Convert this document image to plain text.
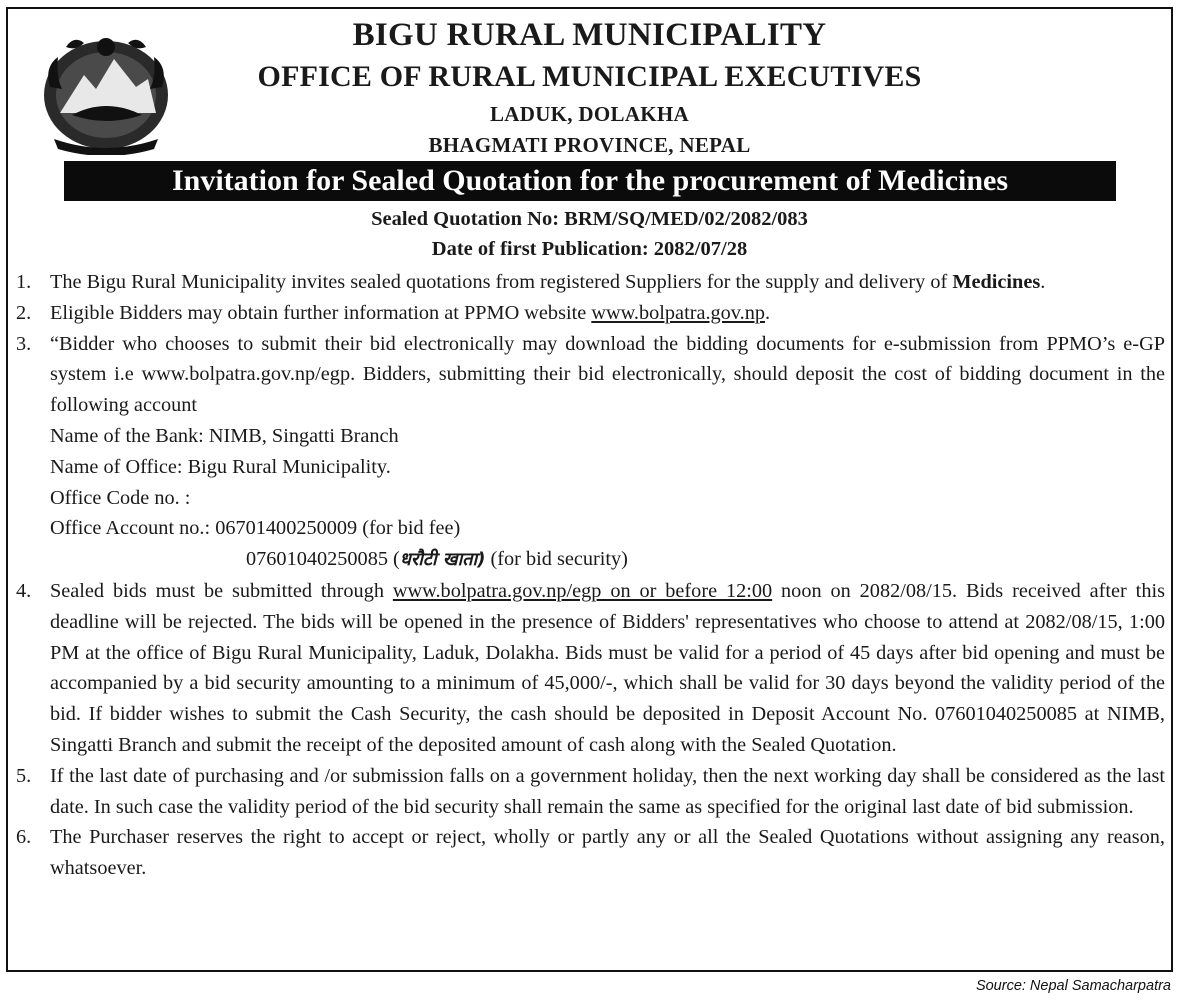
BIGU RURAL MUNICIPALITY
OFFICE OF RURAL MUNICIPAL EXECUTIVES
LADUK, DOLAKHA
BHAGMATI PROVINCE, NEPAL
Invitation for Sealed Quotation for the procurement of Medicines
Sealed Quotation No: BRM/SQ/MED/02/2082/083
Date of first Publication: 2082/07/28
1. The Bigu Rural Municipality invites sealed quotations from registered Suppliers for the supply and delivery of Medicines.
2. Eligible Bidders may obtain further information at PPMO website www.bolpatra.gov.np.
3. “Bidder who chooses to submit their bid electronically may download the bidding documents for e-submission from PPMO’s e-GP system i.e www.bolpatra.gov.np/egp. Bidders, submitting their bid electronically, should deposit the cost of bidding document in the following account
Name of the Bank: NIMB, Singatti Branch
Name of Office: Bigu Rural Municipality.
Office Code no. :
Office Account no.: 06701400250009 (for bid fee)
07601040250085 (धरौटी खाता) (for bid security)
4. Sealed bids must be submitted through www.bolpatra.gov.np/egp on or before 12:00 noon on 2082/08/15. Bids received after this deadline will be rejected. The bids will be opened in the presence of Bidders' representatives who choose to attend at 2082/08/15, 1:00 PM at the office of Bigu Rural Municipality, Laduk, Dolakha. Bids must be valid for a period of 45 days after bid opening and must be accompanied by a bid security amounting to a minimum of 45,000/-, which shall be valid for 30 days beyond the validity period of the bid. If bidder wishes to submit the Cash Security, the cash should be deposited in Deposit Account No. 07601040250085 at NIMB, Singatti Branch and submit the receipt of the deposited amount of cash along with the Sealed Quotation.
5. If the last date of purchasing and /or submission falls on a government holiday, then the next working day shall be considered as the last date. In such case the validity period of the bid security shall remain the same as specified for the original last date of bid submission.
6. The Purchaser reserves the right to accept or reject, wholly or partly any or all the Sealed Quotations without assigning any reason, whatsoever.
Source: Nepal Samacharpatra
